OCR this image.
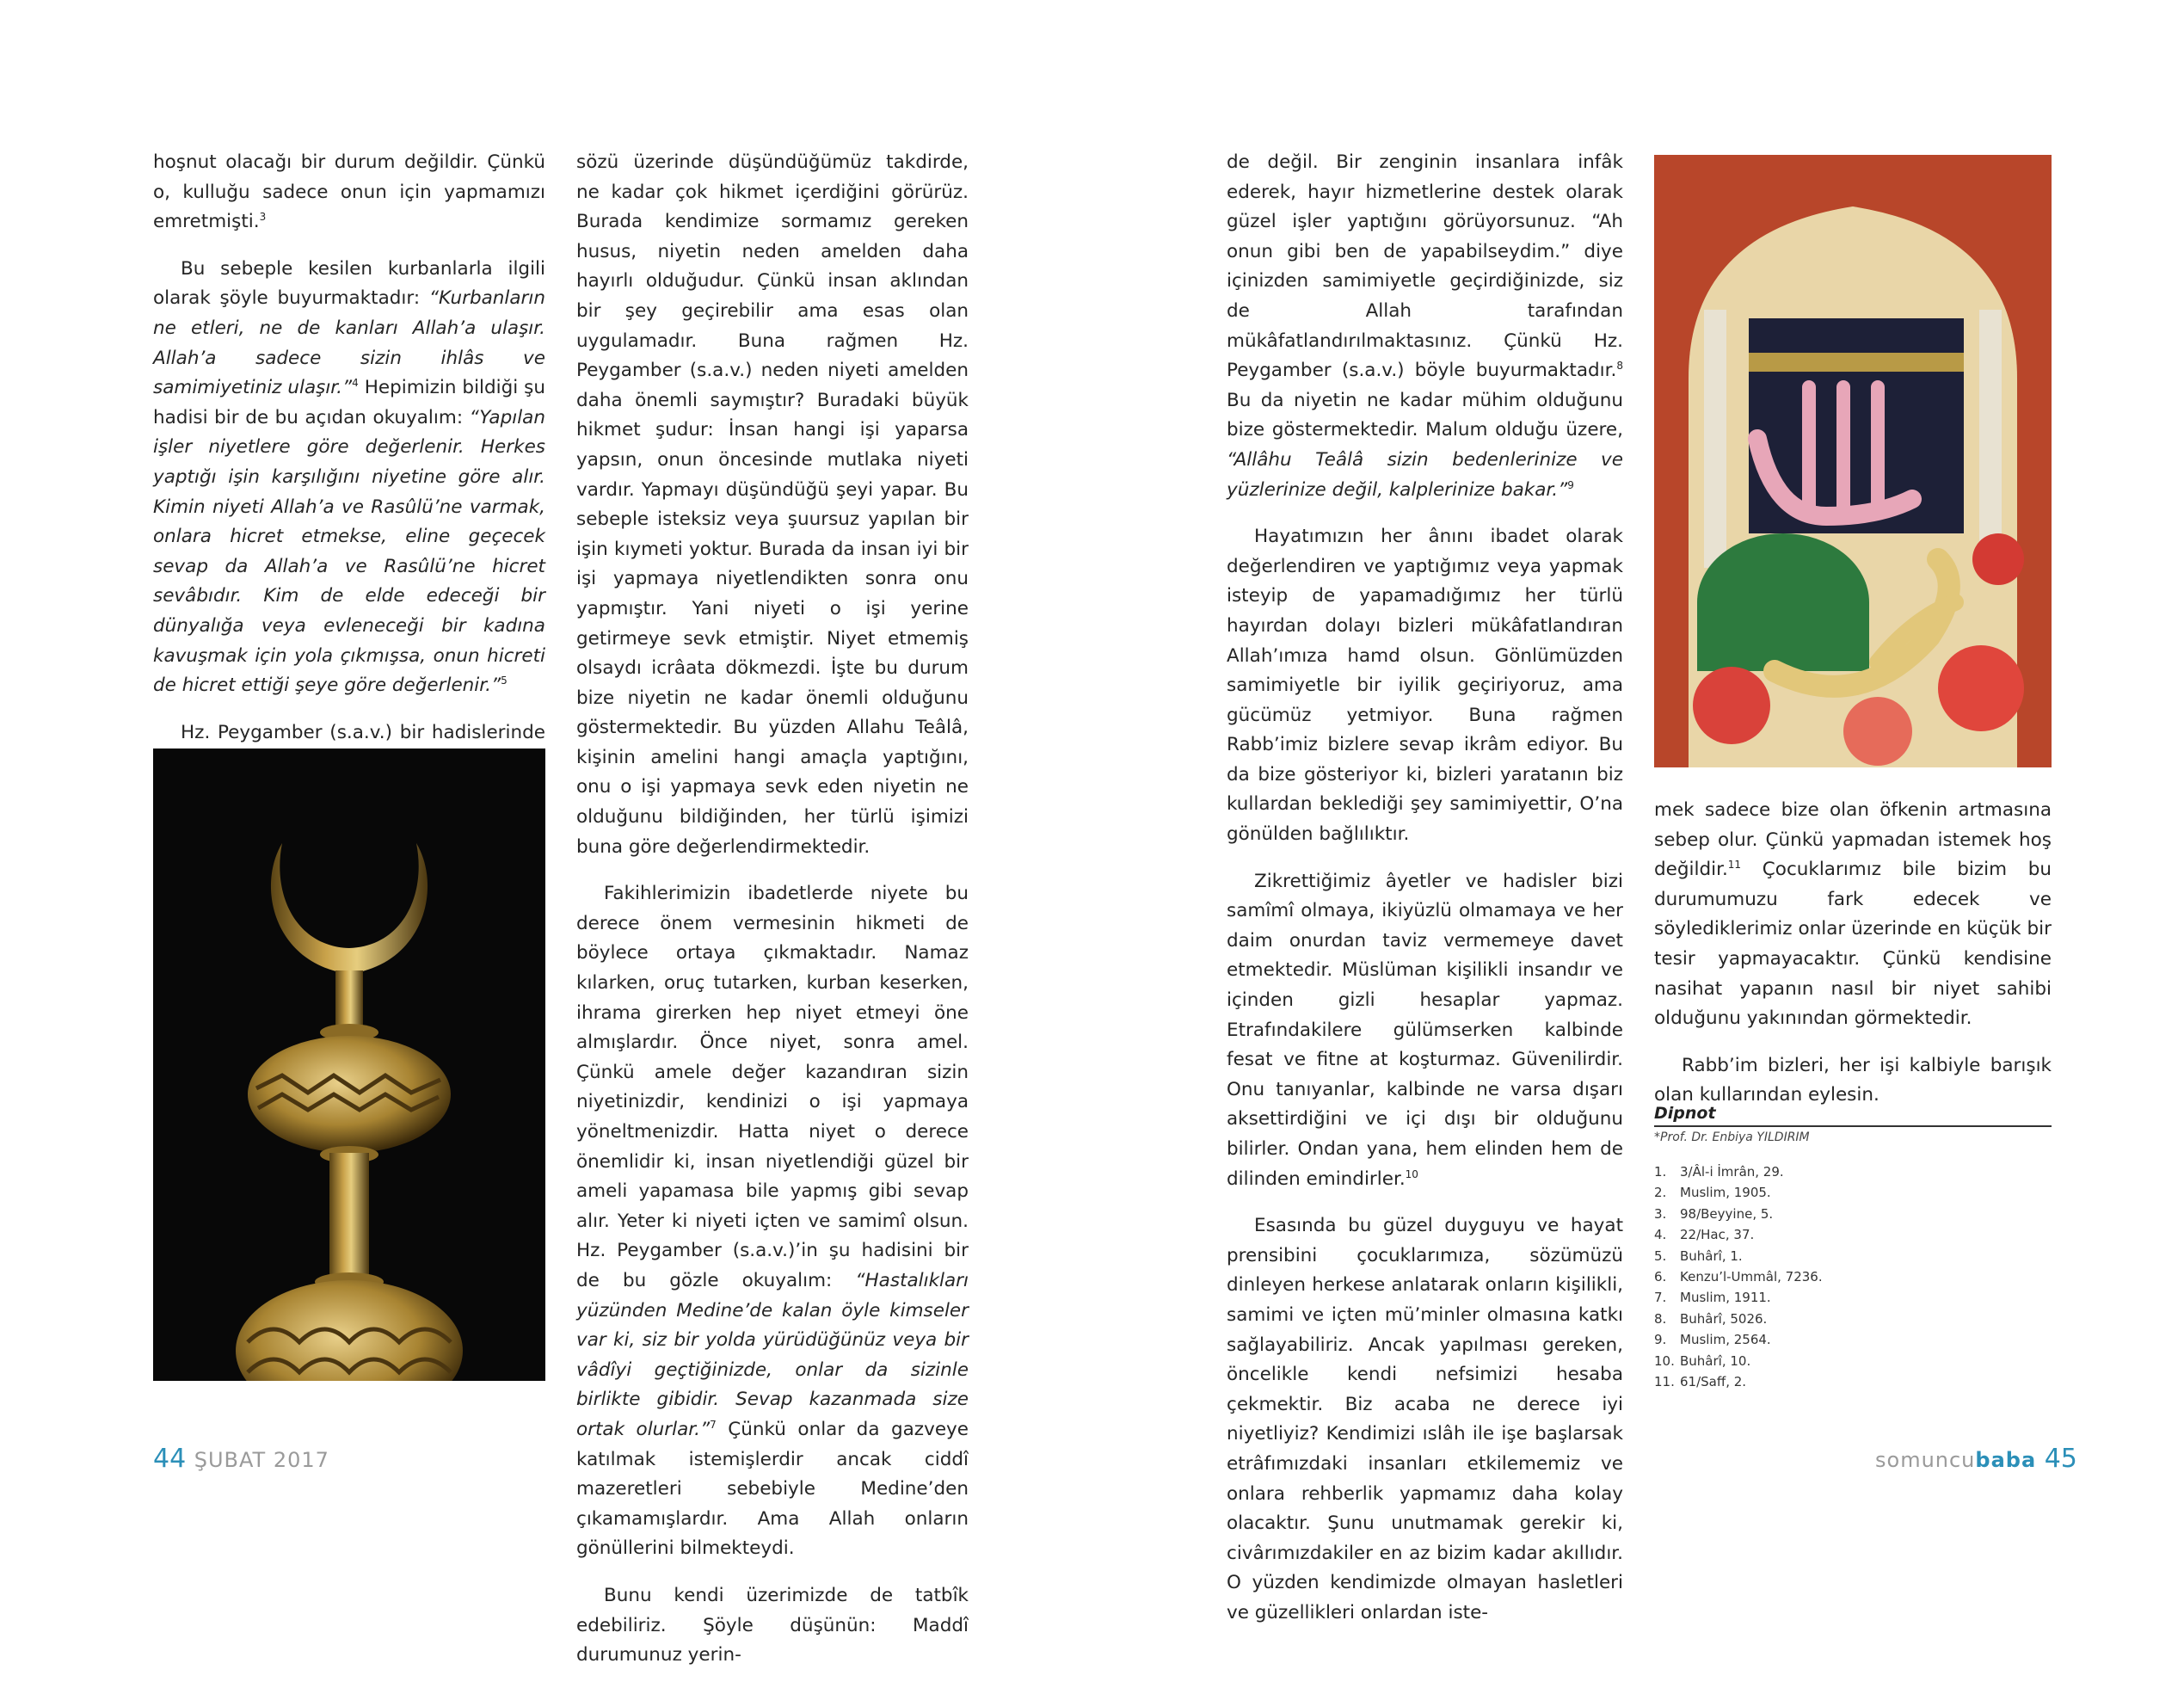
hoşnut olacağı bir durum değildir. Çünkü o, kulluğu sadece onun için yapmamızı emretmişti.$^3$

Bu sebeple kesilen kurbanlarla ilgili olarak şöyle buyurmaktadır: “Kurbanların ne etleri, ne de kanları Allah’a ulaşır. Allah’a sadece sizin ihlâs ve samimiyetiniz ulaşır.”$^4$ Hepimizin bildiği şu hadisi bir de bu açıdan okuyalım: “Yapılan işler niyetlere göre değerlenir. Herkes yaptığı işin karşılığını niyetine göre alır. Kimin niyeti Allah’a ve Rasûlü’ne varmak, onlara hicret etmekse, eline geçecek sevap da Allah’a ve Rasûlü’ne hicret sevâbıdır. Kim de elde edeceği bir dünyalığa veya evleneceği bir kadına kavuşmak için yola çıkmışsa, onun hicreti de hicret ettiği şeye göre değerlenir.”$^5$

Hz. Peygamber (s.a.v.) bir hadislerinde

sözü üzerinde düşündüğümüz takdirde, ne kadar çok hikmet içerdiğini görürüz. Burada kendimize sormamız gereken husus, niyetin neden amelden daha hayırlı olduğudur. Çünkü insan aklından bir şey geçirebilir ama esas olan uygulamadır. Buna rağmen Hz. Peygamber (s.a.v.) neden niyeti amelden daha önemli saymıştır? Buradaki büyük hikmet şudur: İnsan hangi işi yaparsa yapsın, onun öncesinde mutlaka niyeti vardır. Yapmayı düşündüğü şeyi yapar. Bu sebeple isteksiz veya şuursuz yapılan bir işin kıymeti yoktur. Burada da insan iyi bir işi yapmaya niyetlendikten sonra onu yapmıştır. Yani niyeti o işi yerine getirmeye sevk etmiştir. Niyet etmemiş olsaydı icrâata dökmezdi. İşte bu durum bize niyetin ne kadar önemli olduğunu göstermektedir. Bu yüzden Allahu Teâlâ, kişinin amelini hangi amaçla yaptığını, onu o işi yapmaya sevk eden niyetin ne olduğunu bildiğinden, her türlü işimizi buna göre değerlendirmektedir.

Fakihlerimizin ibadetlerde niyete bu derece önem vermesinin hikmeti de böylece ortaya çıkmaktadır. Namaz kılarken, oruç tutarken, kurban keserken, ihrama girerken hep niyet etmeyi öne almışlardır. Önce niyet, sonra amel. Çünkü amele değer kazandıran sizin niyetinizdir, kendinizi o işi yapmaya yöneltmenizdir. Hatta niyet o derece önemlidir ki, insan niyetlendiği güzel bir ameli yapamasa bile yapmış gibi sevap alır. Yeter ki niyeti içten ve samimî olsun. Hz. Peygamber (s.a.v.)’in şu hadisini bir de bu gözle okuyalım: “Hastalıkları yüzünden Medine’de kalan öyle kimseler var ki, siz bir yolda yürüdüğünüz veya bir vâdîyi geçtiğinizde, onlar da sizinle birlikte gibidir. Sevap kazanmada size ortak olurlar.”$^7$ Çünkü onlar da gazveye katılmak istemişlerdir ancak ciddî mazeretleri sebebiyle Medine’den çıkamamışlardır. Ama Allah onların gönüllerini bilmekteydi.

Bunu kendi üzerimizde de tatbîk edebiliriz. Şöyle düşünün: Maddî durumunuz yerin-

44 ŞUBAT 2017

de değil. Bir zenginin insanlara infâk ederek, hayır hizmetlerine destek olarak güzel işler yaptığını görüyorsunuz. “Ah onun gibi ben de yapabilseydim.” diye içinizden samimiyetle geçirdiğinizde, siz de Allah tarafından mükâfatlandırılmaktasınız. Çünkü Hz. Peygamber (s.a.v.) böyle buyurmaktadır.$^8$ Bu da niyetin ne kadar mühim olduğunu bize göstermektedir. Malum olduğu üzere, “Allâhu Teâlâ sizin bedenlerinize ve yüzlerinize değil, kalplerinize bakar.”$^9$

Hayatımızın her ânını ibadet olarak değerlendiren ve yaptığımız veya yapmak isteyip de yapamadığımız her türlü hayırdan dolayı bizleri mükâfatlandıran Allah’ımıza hamd olsun. Gönlümüzden samimiyetle bir iyilik geçiriyoruz, ama gücümüz yetmiyor. Buna rağmen Rabb’imiz bizlere sevap ikrâm ediyor. Bu da bize gösteriyor ki, bizleri yaratanın biz kullardan beklediği şey samimiyettir, O’na gönülden bağlılıktır.

Zikrettiğimiz âyetler ve hadisler bizi samîmî olmaya, ikiyüzlü olmamaya ve her daim onurdan taviz vermemeye davet etmektedir. Müslüman kişilikli insandır ve içinden gizli hesaplar yapmaz. Etrafındakilere gülümserken kalbinde fesat ve fitne at koşturmaz. Güvenilirdir. Onu tanıyanlar, kalbinde ne varsa dışarı aksettirdiğini ve içi dışı bir olduğunu bilirler. Ondan yana, hem elinden hem de dilinden emindirler.$^{10}$

Esasında bu güzel duyguyu ve hayat prensibini çocuklarımıza, sözümüzü dinleyen herkese anlatarak onların kişilikli, samimi ve içten mü’minler olmasına katkı sağlayabiliriz. Ancak yapılması gereken, öncelikle kendi nefsimizi hesaba çekmektir. Biz acaba ne derece iyi niyetliyiz? Kendimizi ıslâh ile işe başlarsak etrâfımızdaki insanları etkilememiz ve onlara rehberlik yapmamız daha kolay olacaktır. Şunu unutmamak gerekir ki, civârımızdakiler en az bizim kadar akıllıdır. O yüzden kendimizde olmayan hasletleri ve güzellikleri onlardan iste-

mek sadece bize olan öfkenin artmasına sebep olur. Çünkü yapmadan istemek hoş değildir.$^{11}$ Çocuklarımız bile bizim bu durumumuzu fark edecek ve söylediklerimiz onlar üzerinde en küçük bir tesir yapmayacaktır. Çünkü kendisine nasihat yapanın nasıl bir niyet sahibi olduğunu yakınından görmektedir.

Rabb’im bizleri, her işi kalbiyle barışık olan kullarından eylesin.

Dipnot
*Prof. Dr. Enbiya YILDIRIM
1. 3/Âl-i İmrân, 29.
2. Muslim, 1905.
3. 98/Beyyine, 5.
4. 22/Hac, 37.
5. Buhârî, 1.
6. Kenzu’l-Ummâl, 7236.
7. Muslim, 1911.
8. Buhârî, 5026.
9. Muslim, 2564.
10. Buhârî, 10.
11. 61/Saff, 2.
somuncubaba 45
